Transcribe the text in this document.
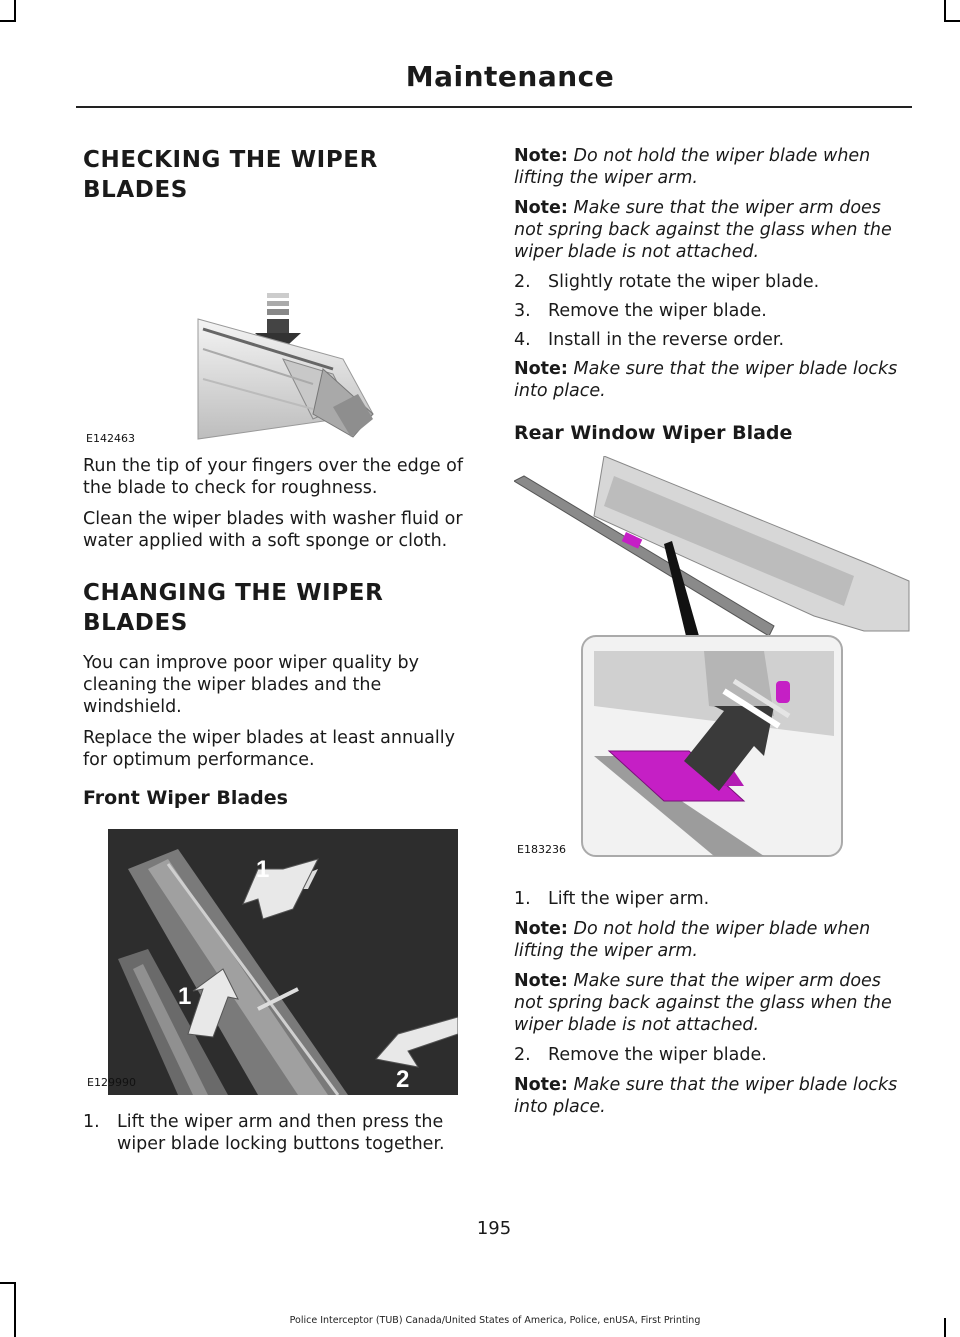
Maintenance
CHECKING THE WIPER BLADES
E142463

Run the tip of your fingers over the edge of the blade to check for roughness.

Clean the wiper blades with washer fluid or water applied with a soft sponge or cloth.

CHANGING THE WIPER BLADES

You can improve poor wiper quality by cleaning the wiper blades and the windshield.

Replace the wiper blades at least annually for optimum performance.

Front Wiper Blades
1
1
2
E129990
1. Lift the wiper arm and then press the wiper blade locking buttons together.

Note: Do not hold the wiper blade when lifting the wiper arm.

Note: Make sure that the wiper arm does not spring back against the glass when the wiper blade is not attached.

2. Slightly rotate the wiper blade.
3. Remove the wiper blade.
4. Install in the reverse order.

Note: Make sure that the wiper blade locks into place.

Rear Window Wiper Blade
E183236
1. Lift the wiper arm.

Note: Do not hold the wiper blade when lifting the wiper arm.

Note: Make sure that the wiper arm does not spring back against the glass when the wiper blade is not attached.

2. Remove the wiper blade.

Note: Make sure that the wiper blade locks into place.

195
Police Interceptor (TUB) Canada/United States of America, Police, enUSA, First Printing
